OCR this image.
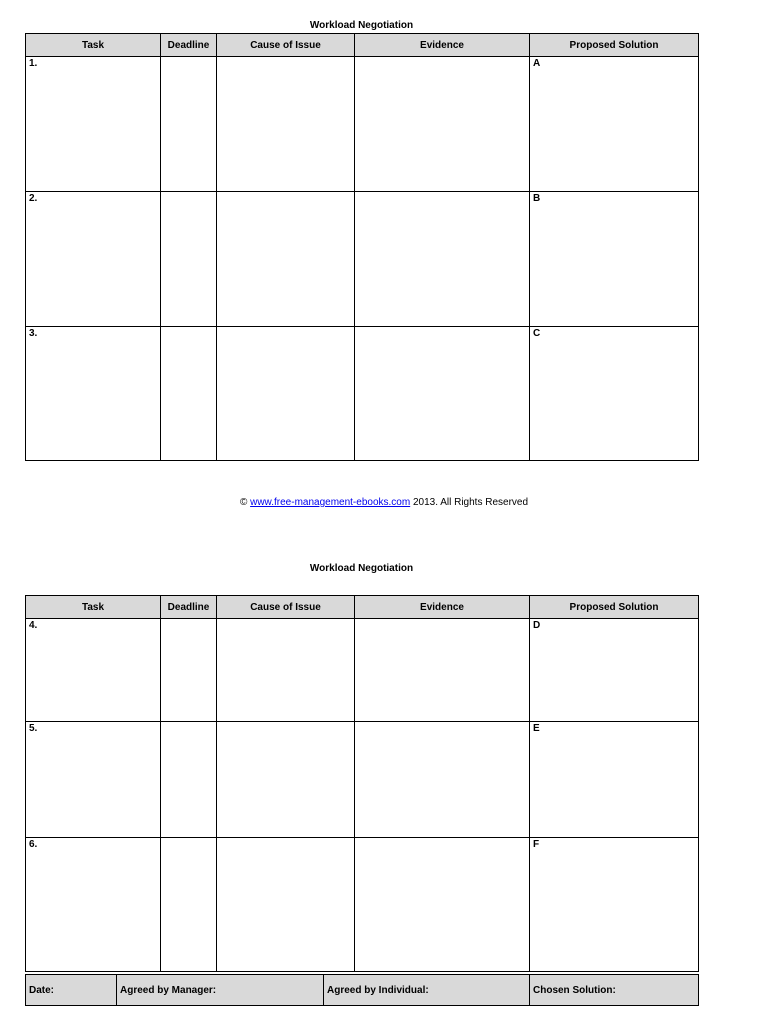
Workload Negotiation
Task	Deadline	Cause of Issue	Evidence	Proposed Solution

1.				A

2.				B

3.				C
© www.free-management-ebooks.com 2013. All Rights Reserved
Workload Negotiation
Task	Deadline	Cause of Issue	Evidence	Proposed Solution

4.				D

5.				E

6.				F
Date:	Agreed by Manager:	Agreed by Individual:	Chosen Solution:
